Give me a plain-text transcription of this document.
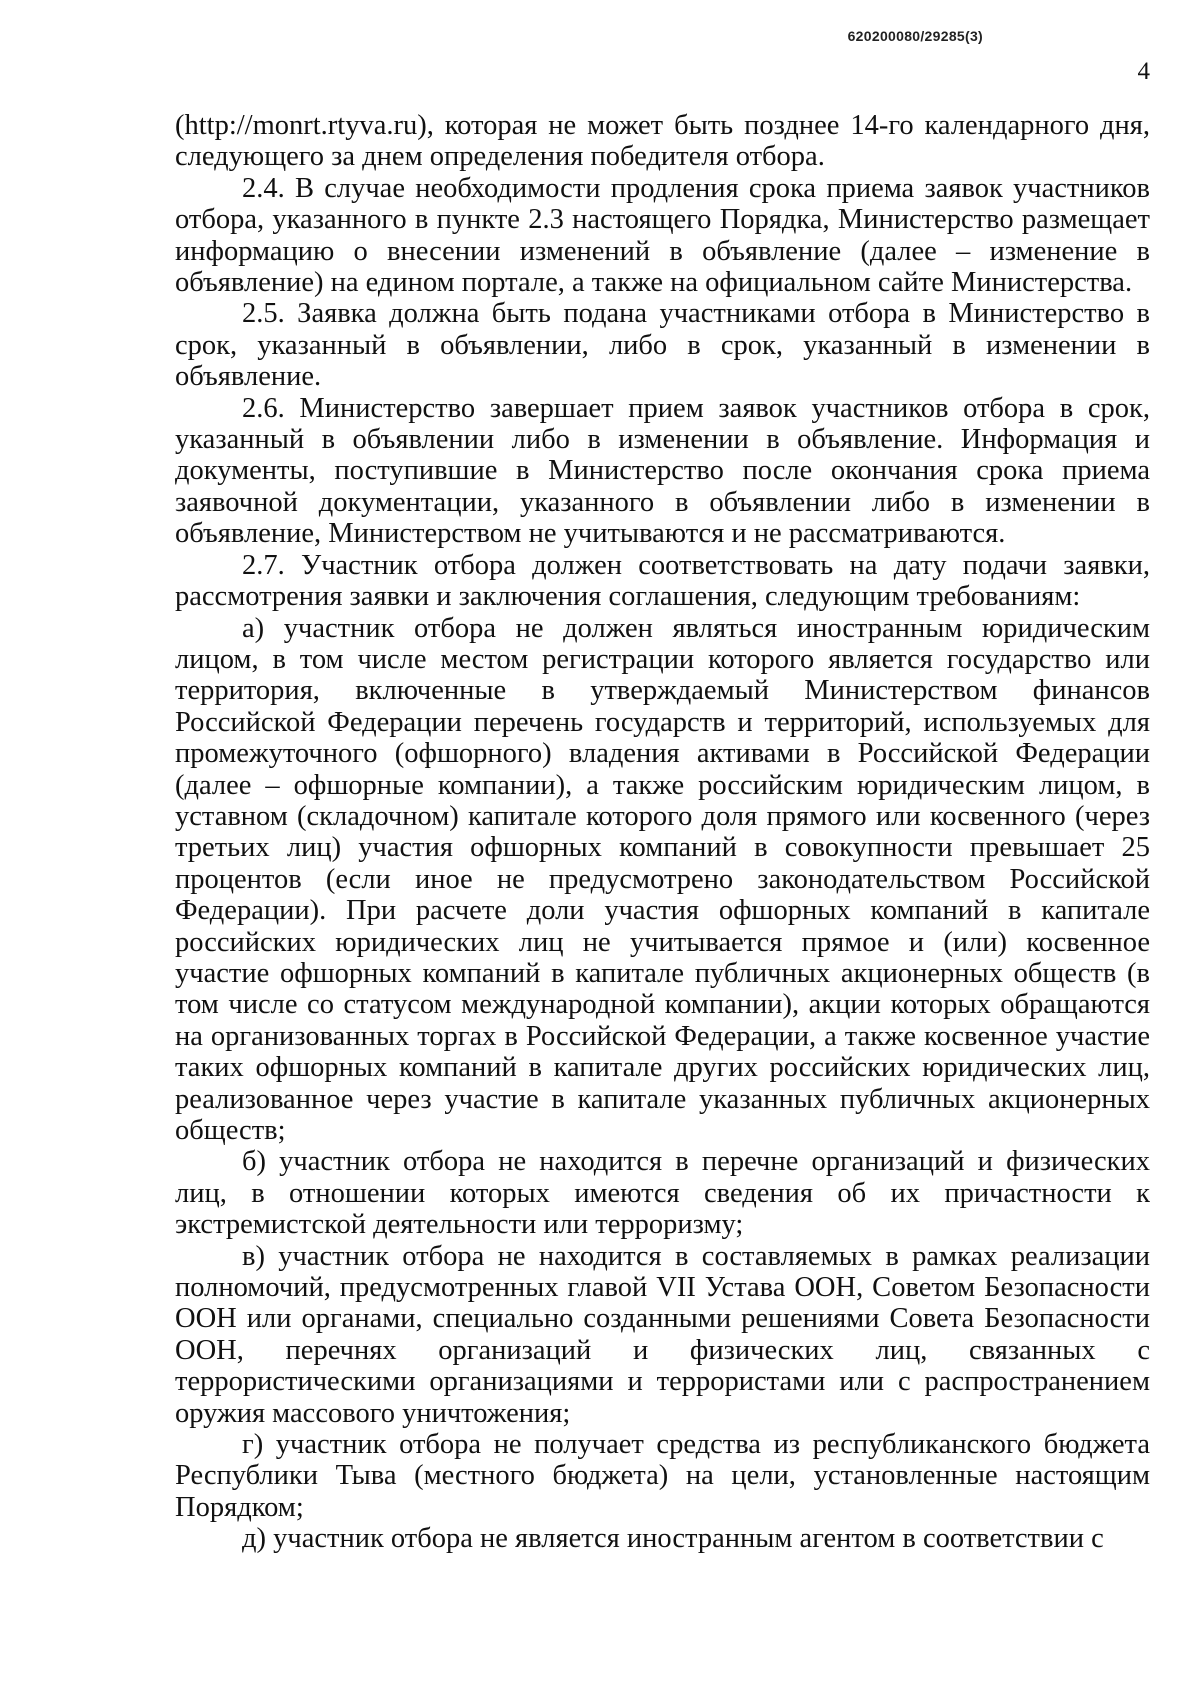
620200080/29285(3)
4

(http://monrt.rtyva.ru), которая не может быть позднее 14-го календарного дня, следующего за днем определения победителя отбора.

2.4. В случае необходимости продления срока приема заявок участников отбора, указанного в пункте 2.3 настоящего Порядка, Министерство размещает информацию о внесении изменений в объявление (далее – изменение в объявление) на едином портале, а также на официальном сайте Министерства.

2.5. Заявка должна быть подана участниками отбора в Министерство в срок, указанный в объявлении, либо в срок, указанный в изменении в объявление.

2.6. Министерство завершает прием заявок участников отбора в срок, указанный в объявлении либо в изменении в объявление. Информация и документы, поступившие в Министерство после окончания срока приема заявочной документации, указанного в объявлении либо в изменении в объявление, Министерством не учитываются и не рассматриваются.

2.7. Участник отбора должен соответствовать на дату подачи заявки, рассмотрения заявки и заключения соглашения, следующим требованиям:

а) участник отбора не должен являться иностранным юридическим лицом, в том числе местом регистрации которого является государство или территория, включенные в утверждаемый Министерством финансов Российской Федерации перечень государств и территорий, используемых для промежуточного (офшорного) владения активами в Российской Федерации (далее – офшорные компании), а также российским юридическим лицом, в уставном (складочном) капитале которого доля прямого или косвенного (через третьих лиц) участия офшорных компаний в совокупности превышает 25 процентов (если иное не предусмотрено законодательством Российской Федерации). При расчете доли участия офшорных компаний в капитале российских юридических лиц не учитывается прямое и (или) косвенное участие офшорных компаний в капитале публичных акционерных обществ (в том числе со статусом международной компании), акции которых обращаются на организованных торгах в Российской Федерации, а также косвенное участие таких офшорных компаний в капитале других российских юридических лиц, реализованное через участие в капитале указанных публичных акционерных обществ;

б) участник отбора не находится в перечне организаций и физических лиц, в отношении которых имеются сведения об их причастности к экстремистской деятельности или терроризму;

в) участник отбора не находится в составляемых в рамках реализации полномочий, предусмотренных главой VII Устава ООН, Советом Безопасности ООН или органами, специально созданными решениями Совета Безопасности ООН, перечнях организаций и физических лиц, связанных с террористическими организациями и террористами или с распространением оружия массового уничтожения;

г) участник отбора не получает средства из республиканского бюджета Республики Тыва (местного бюджета) на цели, установленные настоящим Порядком;

д) участник отбора не является иностранным агентом в соответствии с
